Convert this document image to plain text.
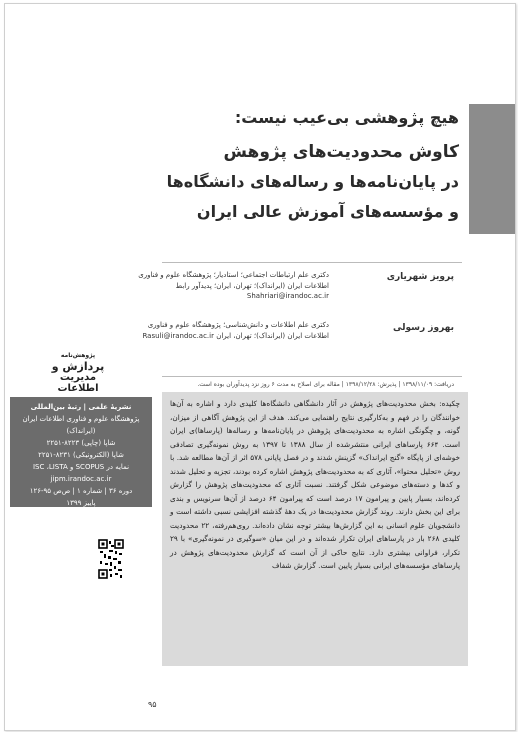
هیچ پژوهشی بی‌عیب نیست:

کاوش محدودیت‌های پژوهش

در پایان‌نامه‌ها و رساله‌های دانشگاه‌ها

و مؤسسه‌های آموزش عالی ایران

پرویز شهریاری
دکتری علم ارتباطات اجتماعی؛ استادیار؛ پژوهشگاه علوم و فناوری اطلاعات ایران (ایرانداک)؛ تهران، ایران؛ پدیدآور رابط Shahriari@irandoc.ac.ir
بهروز رسولی
دکتری علم اطلاعات و دانش‌شناسی؛ پژوهشگاه علوم و فناوری اطلاعات ایران (ایرانداک)؛ تهران، ایران Rasuli@irandoc.ac.ir
دریافت: ۱۳۹۸/۱۱/۰۹ | پذیرش: ۱۳۹۸/۱۲/۲۸ | مقاله برای اصلاح به مدت ۶ روز نزد پدیدآوران بوده است.
پژوهش‌نامه
پردازش و
مدیریت
اطلاعات
نشریهٔ علمی | رتبهٔ بین‌المللی
پژوهشگاه علوم و فناوری اطلاعات ایران
(ایرانداک)
شاپا (چاپی) ۸۲۲۳-۲۲۵۱
شاپا (الکترونیکی) ۸۲۳۱-۲۲۵۱
نمایه در SCOPUS و ISC ،LISTA
jipm.irandoc.ac.ir
دوره ۳۶ | شماره ۱ | ص‌ص ۹۵-۱۲۶
پاییز ۱۳۹۹
چکیده: بخش محدودیت‌های پژوهش در آثار دانشگاهی دانشگاه‌ها کلیدی دارد و اشاره به آن‌ها خوانندگان را در فهم و به‌کارگیری نتایج راهنمایی می‌کند. هدف از این پژوهش آگاهی از میزان، گونه، و چگونگی اشاره به محدودیت‌های پژوهش در پایان‌نامه‌ها و رساله‌ها (پارساها)ی ایران است. ۶۶۴ پارساهای ایرانی منتشرشده از سال ۱۳۸۸ تا ۱۳۹۷ به روش نمونه‌گیری تصادفی خوشه‌ای از پایگاه «گنج ایرانداک» گزینش شدند و در فصل پایانی ۵۷۸ اثر از آن‌ها مطالعه شد. با روش «تحلیل محتوا»، آثاری که به محدودیت‌های پژوهش اشاره کرده بودند، تجزیه و تحلیل شدند و کدها و دسته‌های موضوعی شکل گرفتند. نسبت آثاری که محدودیت‌های پژوهش را گزارش کرده‌اند، بسیار پایین و پیرامون ۱۷ درصد است که پیرامون ۶۴ درصد از آن‌ها سرنویس و بندی برای این بخش دارند. روند گزارش محدودیت‌ها در یک دههٔ گذشته افزایشی نسبی داشته است و دانشجویان علوم انسانی به این گزارش‌ها بیشتر توجه نشان داده‌اند. روی‌هم‌رفته، ۲۲ محدودیت کلیدی ۲۶۸ بار در پارساهای ایران تکرار شده‌اند و در این میان «سوگیری در نمونه‌گیری» با ۲۹ تکرار، فراوانی بیشتری دارد. نتایج حاکی از آن است که گزارش محدودیت‌های پژوهش در پارساهای مؤسسه‌های ایرانی بسیار پایین است. گزارش شفاف
۹۵
